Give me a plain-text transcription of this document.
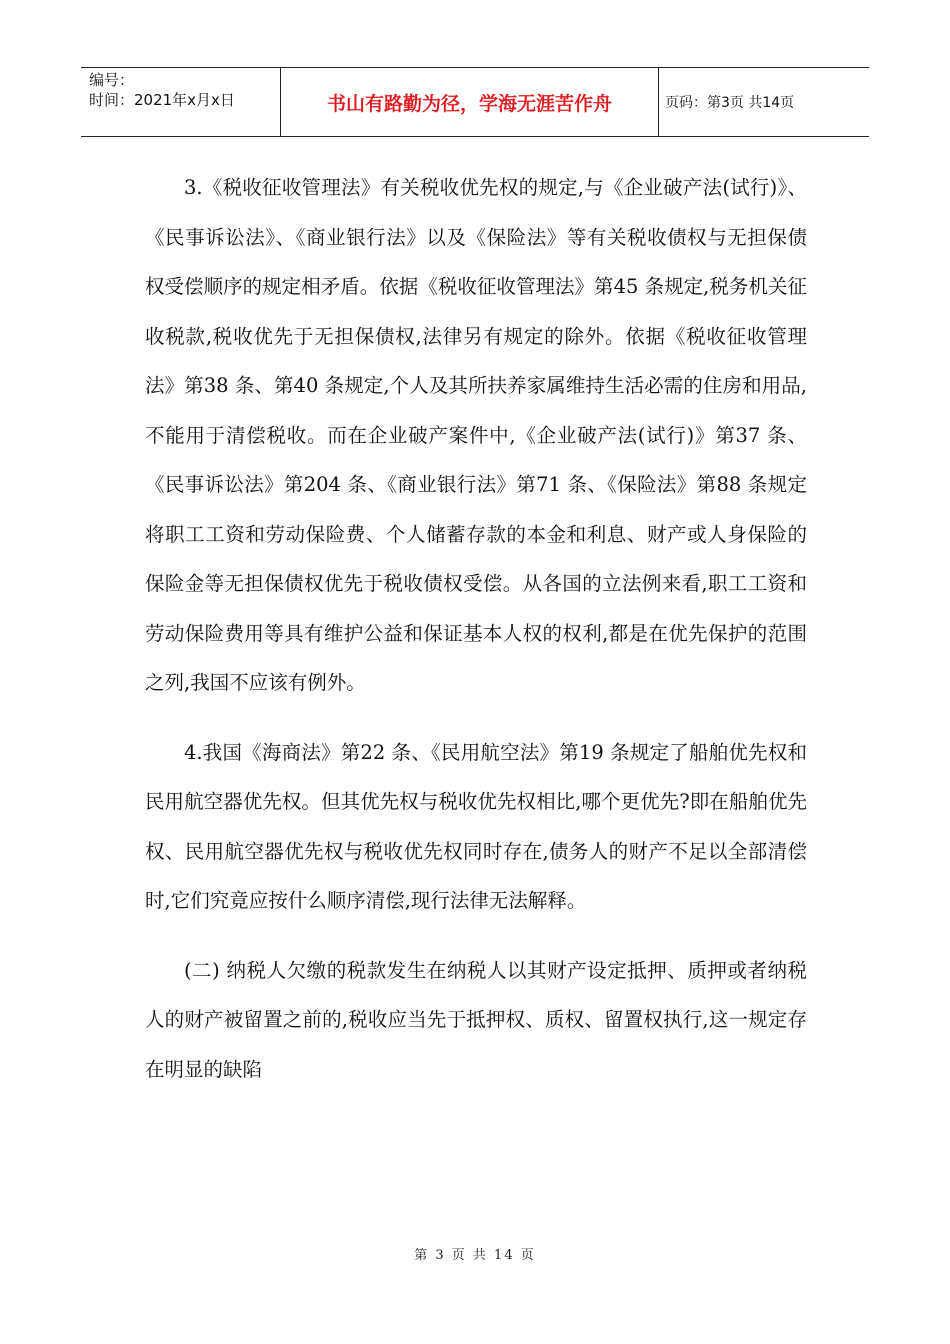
编号：
时间：2021年x月x日	书山有路勤为径，学海无涯苦作舟	页码：第3页 共14页

3.《税收征收管理法》有关税收优先权的规定,与《企业破产法(试行)》、《民事诉讼法》、《商业银行法》以及《保险法》等有关税收债权与无担保债权受偿顺序的规定相矛盾。依据《税收征收管理法》第45 条规定,税务机关征收税款,税收优先于无担保债权,法律另有规定的除外。依据《税收征收管理法》第38 条、第40 条规定,个人及其所扶养家属维持生活必需的住房和用品,不能用于清偿税收。而在企业破产案件中,《企业破产法(试行)》第37 条、《民事诉讼法》第204 条、《商业银行法》第71 条、《保险法》第88 条规定将职工工资和劳动保险费、个人储蓄存款的本金和利息、财产或人身保险的保险金等无担保债权优先于税收债权受偿。从各国的立法例来看,职工工资和劳动保险费用等具有维护公益和保证基本人权的权利,都是在优先保护的范围之列,我国不应该有例外。

4.我国《海商法》第22 条、《民用航空法》第19 条规定了船舶优先权和民用航空器优先权。但其优先权与税收优先权相比,哪个更优先?即在船舶优先权、民用航空器优先权与税收优先权同时存在,债务人的财产不足以全部清偿时,它们究竟应按什么顺序清偿,现行法律无法解释。

(二) 纳税人欠缴的税款发生在纳税人以其财产设定抵押、质押或者纳税人的财产被留置之前的,税收应当先于抵押权、质权、留置权执行,这一规定存在明显的缺陷

第 3 页 共 14 页
